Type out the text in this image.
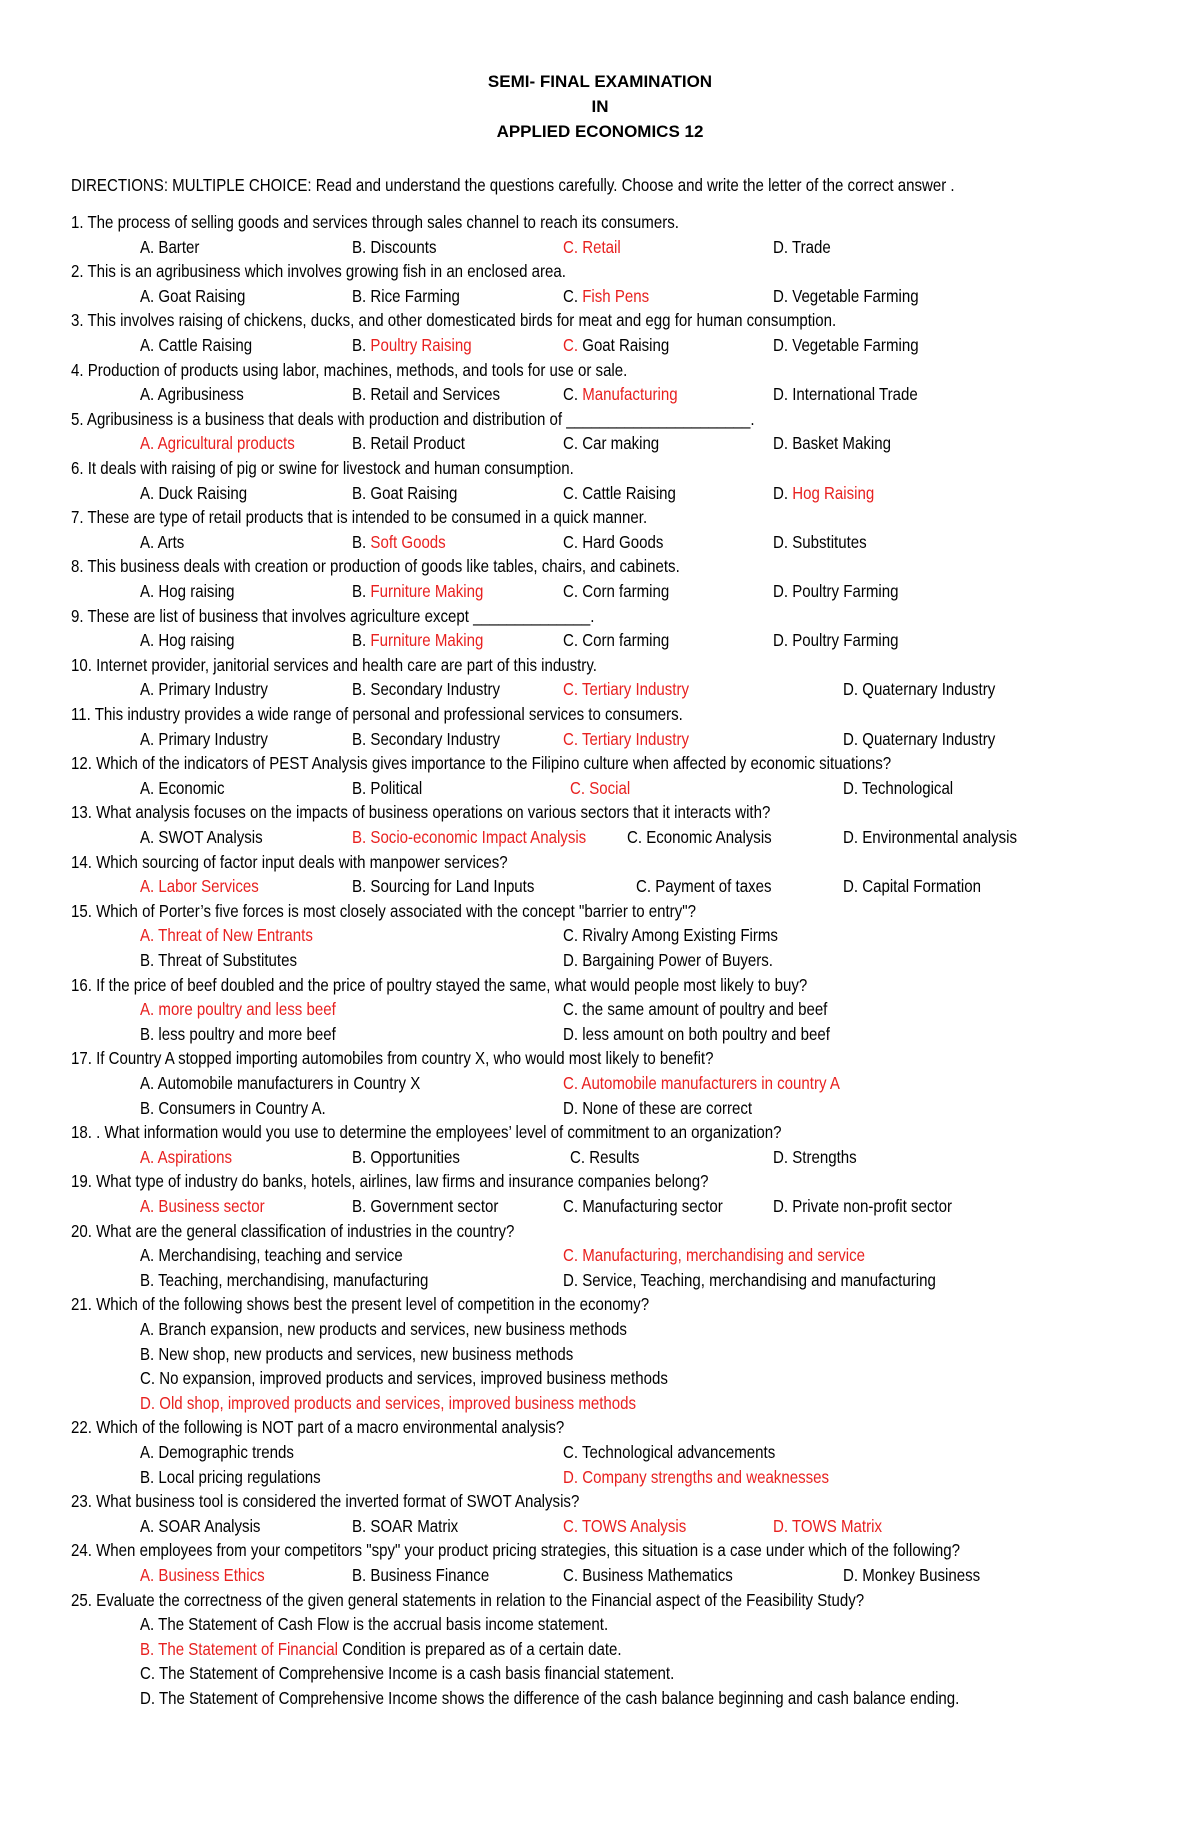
SEMI- FINAL EXAMINATION
IN
APPLIED ECONOMICS 12
DIRECTIONS: MULTIPLE CHOICE: Read and understand the questions carefully. Choose and write the letter of the correct answer .
1. The process of selling goods and services through sales channel to reach its consumers.
A. Barter	B. Discounts	C. Retail	D. Trade
2. This is an agribusiness which involves growing fish in an enclosed area.
A. Goat Raising	B. Rice Farming	C. Fish Pens	D. Vegetable Farming
3. This involves raising of chickens, ducks, and other domesticated birds for meat and egg for human consumption.
A. Cattle Raising	B. Poultry Raising	C. Goat Raising	D. Vegetable Farming
4. Production of products using labor, machines, methods, and tools for use or sale.
A. Agribusiness	B. Retail and Services	C. Manufacturing	D. International Trade
5. Agribusiness is a business that deals with production and distribution of ______________________.
A. Agricultural products	B. Retail Product	C. Car making	D. Basket Making
6. It deals with raising of pig or swine for livestock and human consumption.
A. Duck Raising	B. Goat Raising	C. Cattle Raising	D. Hog Raising
7. These are type of retail products that is intended to be consumed in a quick manner.
A. Arts	B. Soft Goods	C. Hard Goods	D. Substitutes
8. This business deals with creation or production of goods like tables, chairs, and cabinets.
A. Hog raising	B. Furniture Making	C. Corn farming	D. Poultry Farming
9. These are list of business that involves agriculture except ______________.
A. Hog raising	B. Furniture Making	C. Corn farming	D. Poultry Farming
10. Internet provider, janitorial services and health care are part of this industry.
A. Primary Industry	B. Secondary Industry	C. Tertiary Industry	D. Quaternary Industry
11. This industry provides a wide range of personal and professional services to consumers.
A. Primary Industry	B. Secondary Industry	C. Tertiary Industry	D. Quaternary Industry
12. Which of the indicators of PEST Analysis gives importance to the Filipino culture when affected by economic situations?
A. Economic	B. Political	C. Social	D. Technological
13. What analysis focuses on the impacts of business operations on various sectors that it interacts with?
A. SWOT Analysis	B. Socio-economic Impact Analysis C. Economic Analysis	D. Environmental analysis
14. Which sourcing of factor input deals with manpower services?
A. Labor Services	B. Sourcing for Land Inputs	C. Payment of taxes	D. Capital Formation
15. Which of Porter’s five forces is most closely associated with the concept "barrier to entry"?
A. Threat of New Entrants	C. Rivalry Among Existing Firms
B. Threat of Substitutes	D. Bargaining Power of Buyers.
16. If the price of beef doubled and the price of poultry stayed the same, what would people most likely to buy?
A. more poultry and less beef	C. the same amount of poultry and beef
B. less poultry and more beef	D. less amount on both poultry and beef
17. If Country A stopped importing automobiles from country X, who would most likely to benefit?
A. Automobile manufacturers in Country X	C. Automobile manufacturers in country A
B. Consumers in Country A.	D. None of these are correct
18. . What information would you use to determine the employees’ level of commitment to an organization?
A. Aspirations	B. Opportunities	C. Results	D. Strengths
19. What type of industry do banks, hotels, airlines, law firms and insurance companies belong?
A. Business sector	B. Government sector	C. Manufacturing sector	D. Private non-profit sector
20. What are the general classification of industries in the country?
A. Merchandising, teaching and service	C. Manufacturing, merchandising and service
B. Teaching, merchandising, manufacturing	D. Service, Teaching, merchandising and manufacturing
21. Which of the following shows best the present level of competition in the economy?
A. Branch expansion, new products and services, new business methods
B. New shop, new products and services, new business methods
C. No expansion, improved products and services, improved business methods
D. Old shop, improved products and services, improved business methods
22. Which of the following is NOT part of a macro environmental analysis?
A. Demographic trends	C. Technological advancements
B. Local pricing regulations	D. Company strengths and weaknesses
23. What business tool is considered the inverted format of SWOT Analysis?
A. SOAR Analysis	B. SOAR Matrix	C. TOWS Analysis	D. TOWS Matrix
24. When employees from your competitors "spy" your product pricing strategies, this situation is a case under which of the following?
A. Business Ethics	B. Business Finance	C. Business Mathematics	D. Monkey Business
25. Evaluate the correctness of the given general statements in relation to the Financial aspect of the Feasibility Study?
A. The Statement of Cash Flow is the accrual basis income statement.
B. The Statement of Financial Condition is prepared as of a certain date.
C. The Statement of Comprehensive Income is a cash basis financial statement.
D. The Statement of Comprehensive Income shows the difference of the cash balance beginning and cash balance ending.
